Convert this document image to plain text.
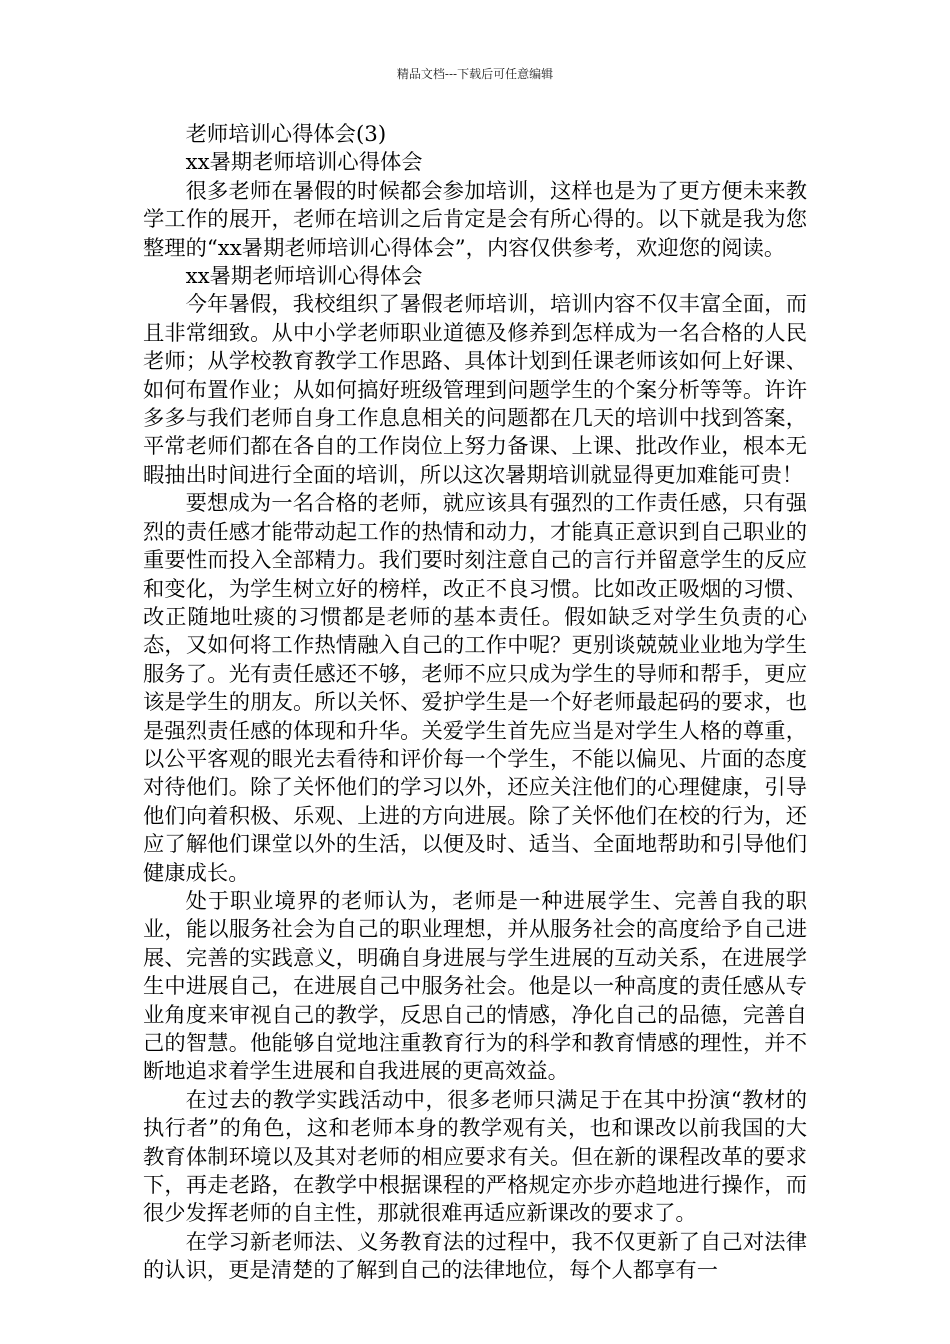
精品文档---下载后可任意编辑

老师培训心得体会(3)

xx暑期老师培训心得体会

很多老师在暑假的时候都会参加培训，这样也是为了更方便未来教学工作的展开，老师在培训之后肯定是会有所心得的。以下就是我为您整理的“xx暑期老师培训心得体会”，内容仅供参考，欢迎您的阅读。

xx暑期老师培训心得体会

今年暑假，我校组织了暑假老师培训，培训内容不仅丰富全面，而且非常细致。从中小学老师职业道德及修养到怎样成为一名合格的人民老师；从学校教育教学工作思路、具体计划到任课老师该如何上好课、如何布置作业；从如何搞好班级管理到问题学生的个案分析等等。许许多多与我们老师自身工作息息相关的问题都在几天的培训中找到答案，平常老师们都在各自的工作岗位上努力备课、上课、批改作业，根本无暇抽出时间进行全面的培训，所以这次暑期培训就显得更加难能可贵！

要想成为一名合格的老师，就应该具有强烈的工作责任感，只有强烈的责任感才能带动起工作的热情和动力，才能真正意识到自己职业的重要性而投入全部精力。我们要时刻注意自己的言行并留意学生的反应和变化，为学生树立好的榜样，改正不良习惯。比如改正吸烟的习惯、改正随地吐痰的习惯都是老师的基本责任。假如缺乏对学生负责的心态，又如何将工作热情融入自己的工作中呢？更别谈兢兢业业地为学生服务了。光有责任感还不够，老师不应只成为学生的导师和帮手，更应该是学生的朋友。所以关怀、爱护学生是一个好老师最起码的要求，也是强烈责任感的体现和升华。关爱学生首先应当是对学生人格的尊重，以公平客观的眼光去看待和评价每一个学生，不能以偏见、片面的态度对待他们。除了关怀他们的学习以外，还应关注他们的心理健康，引导他们向着积极、乐观、上进的方向进展。除了关怀他们在校的行为，还应了解他们课堂以外的生活，以便及时、适当、全面地帮助和引导他们健康成长。

处于职业境界的老师认为，老师是一种进展学生、完善自我的职业，能以服务社会为自己的职业理想，并从服务社会的高度给予自己进展、完善的实践意义，明确自身进展与学生进展的互动关系，在进展学生中进展自己，在进展自己中服务社会。他是以一种高度的责任感从专业角度来审视自己的教学，反思自己的情感，净化自己的品德，完善自己的智慧。他能够自觉地注重教育行为的科学和教育情感的理性，并不断地追求着学生进展和自我进展的更高效益。

在过去的教学实践活动中，很多老师只满足于在其中扮演“教材的执行者”的角色，这和老师本身的教学观有关，也和课改以前我国的大教育体制环境以及其对老师的相应要求有关。但在新的课程改革的要求下，再走老路，在教学中根据课程的严格规定亦步亦趋地进行操作，而很少发挥老师的自主性，那就很难再适应新课改的要求了。

在学习新老师法、义务教育法的过程中，我不仅更新了自己对法律的认识，更是清楚的了解到自己的法律地位，每个人都享有一
